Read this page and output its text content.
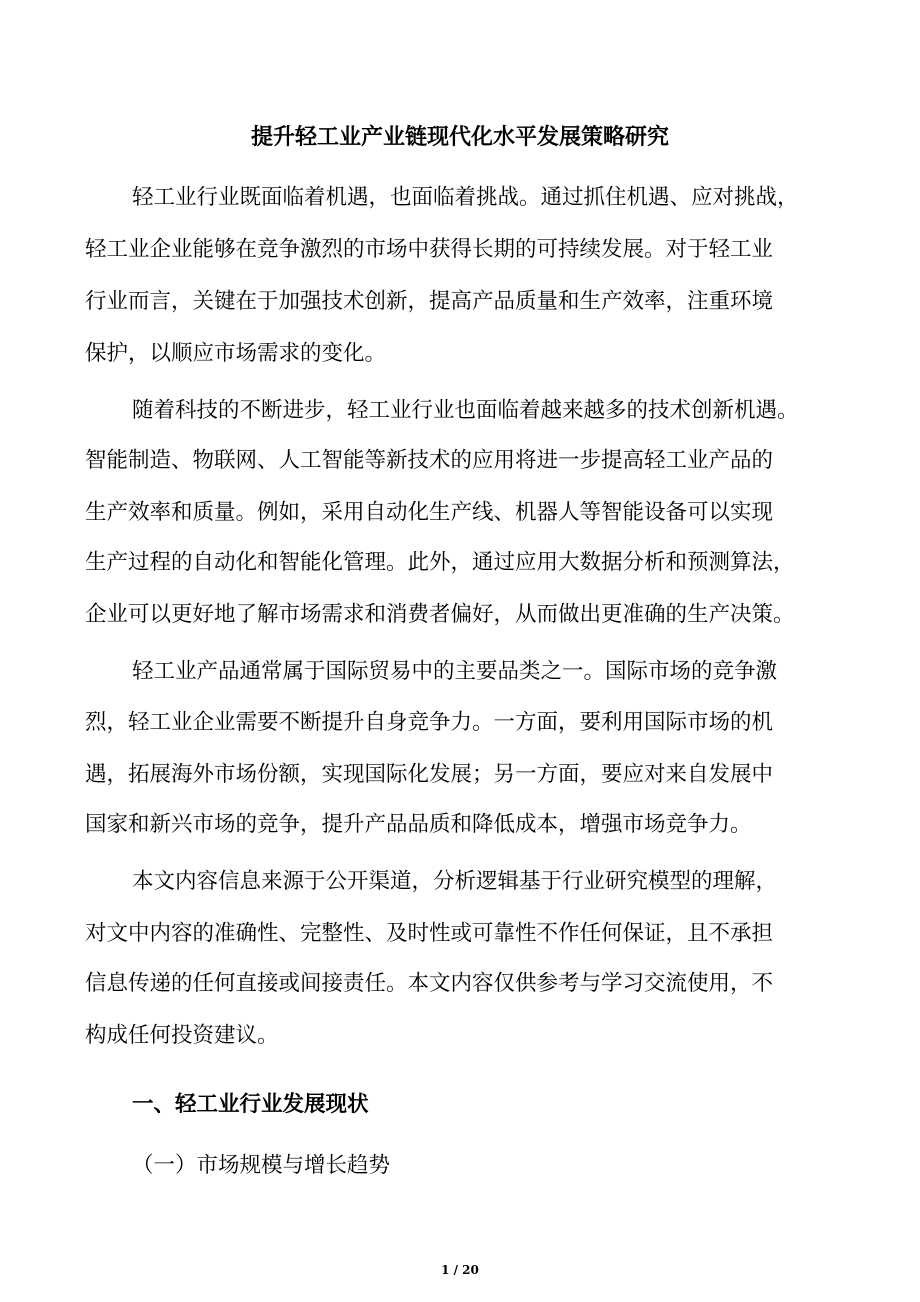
提升轻工业产业链现代化水平发展策略研究
轻工业行业既面临着机遇，也面临着挑战。通过抓住机遇、应对挑战，
轻工业企业能够在竞争激烈的市场中获得长期的可持续发展。对于轻工业
行业而言，关键在于加强技术创新，提高产品质量和生产效率，注重环境
保护，以顺应市场需求的变化。
随着科技的不断进步，轻工业行业也面临着越来越多的技术创新机遇。
智能制造、物联网、人工智能等新技术的应用将进一步提高轻工业产品的
生产效率和质量。例如，采用自动化生产线、机器人等智能设备可以实现
生产过程的自动化和智能化管理。此外，通过应用大数据分析和预测算法，
企业可以更好地了解市场需求和消费者偏好，从而做出更准确的生产决策。
轻工业产品通常属于国际贸易中的主要品类之一。国际市场的竞争激
烈，轻工业企业需要不断提升自身竞争力。一方面，要利用国际市场的机
遇，拓展海外市场份额，实现国际化发展；另一方面，要应对来自发展中
国家和新兴市场的竞争，提升产品品质和降低成本，增强市场竞争力。
本文内容信息来源于公开渠道，分析逻辑基于行业研究模型的理解，
对文中内容的准确性、完整性、及时性或可靠性不作任何保证，且不承担
信息传递的任何直接或间接责任。本文内容仅供参考与学习交流使用，不
构成任何投资建议。
一、轻工业行业发展现状
（一）市场规模与增长趋势
1 / 20
